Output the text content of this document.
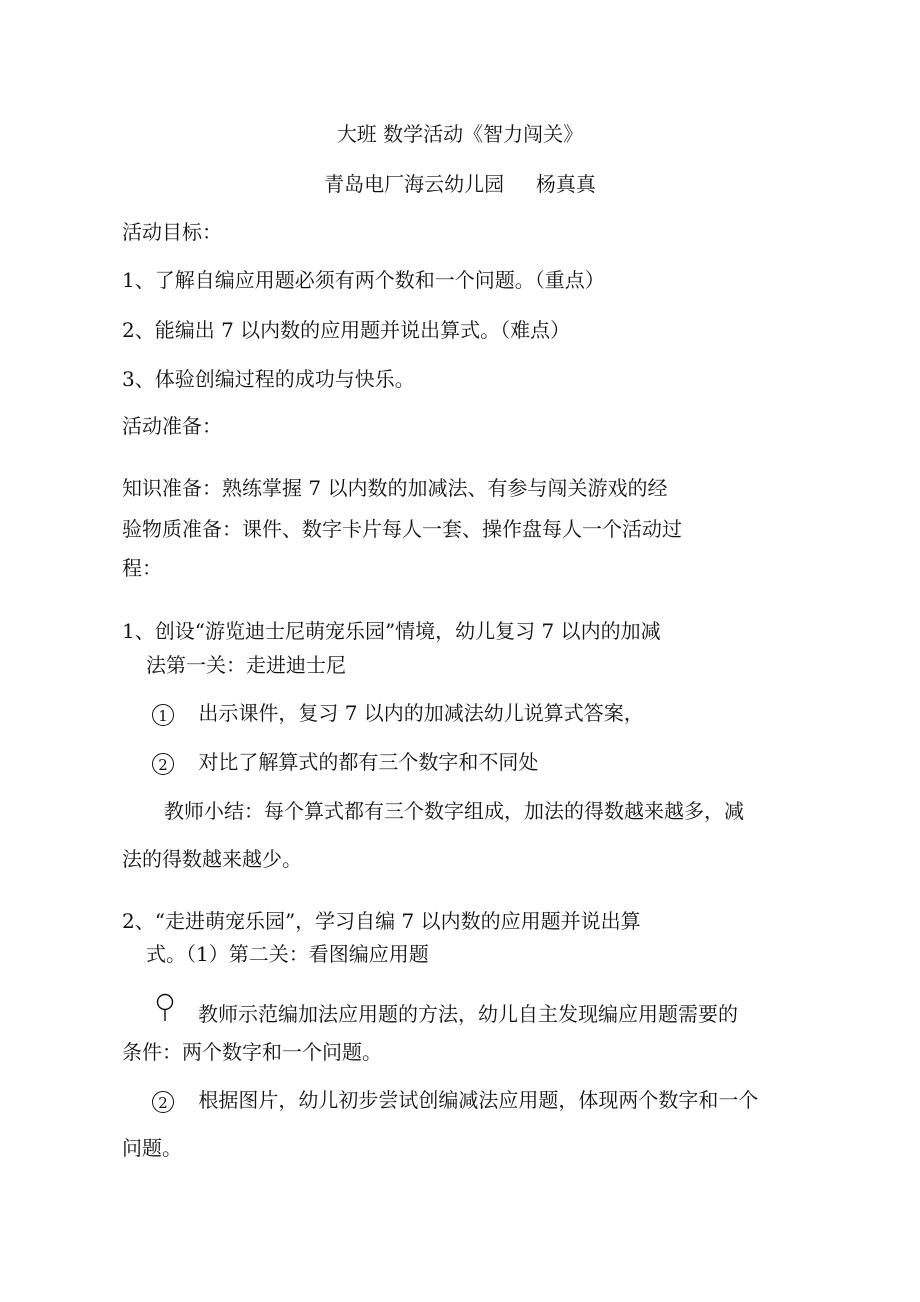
大班 数学活动《智力闯关》
青岛电厂海云幼儿园     杨真真
活动目标：
1、了解自编应用题必须有两个数和一个问题。（重点）
2、能编出 7 以内数的应用题并说出算式。（难点）
3、体验创编过程的成功与快乐。
活动准备：
知识准备：熟练掌握 7 以内数的加减法、有参与闯关游戏的经
验物质准备：课件、数字卡片每人一套、操作盘每人一个活动过
程：
1、创设“游览迪士尼萌宠乐园”情境，幼儿复习 7 以内的加减
法第一关：走进迪士尼
1 出示课件，复习 7 以内的加减法幼儿说算式答案，
2 对比了解算式的都有三个数字和不同处
教师小结：每个算式都有三个数字组成，加法的得数越来越多，减
法的得数越来越少。
2、“走进萌宠乐园”，学习自编 7 以内数的应用题并说出算
式。（1）第二关：看图编应用题
教师示范编加法应用题的方法，幼儿自主发现编应用题需要的
条件：两个数字和一个问题。
2 根据图片，幼儿初步尝试创编减法应用题，体现两个数字和一个
问题。
